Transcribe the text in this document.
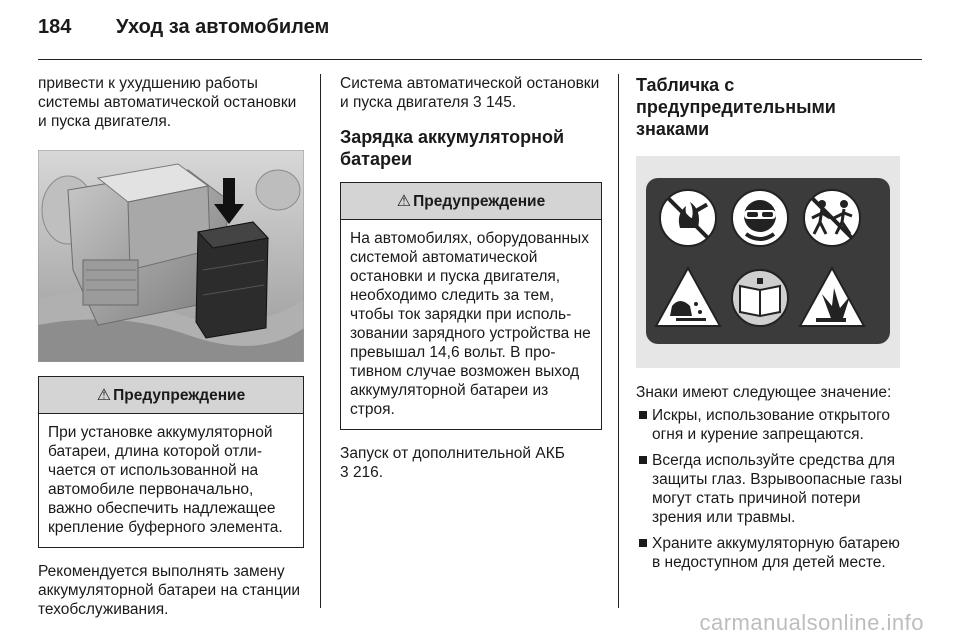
184 Уход за автомобилем

привести к ухудшению работы системы автоматической остановки и пуска двигателя.

⚠ Предупреждение

При установке аккумуляторной батареи, длина которой отличается от использованной на автомобиле первоначально, важно обеспечить надлежащее крепление буферного элемента.

Рекомендуется выполнять замену аккумуляторной батареи на станции техобслуживания.

Система автоматической остановки и пуска двигателя 3 145.

Зарядка аккумуляторной батареи
⚠ Предупреждение

На автомобилях, оборудованных системой автоматической остановки и пуска двигателя, необходимо следить за тем, чтобы ток зарядки при использовании зарядного устройства не превышал 14,6 вольт. В противном случае возможен выход аккумуляторной батареи из строя.

Запуск от дополнительной АКБ
3 216.

Табличка с предупредительными знаками

Знаки имеют следующее значение:

Искры, использование открытого огня и курение запрещаются.
Всегда используйте средства для защиты глаз. Взрывоопасные газы могут стать причиной потери зрения или травмы.
Храните аккумуляторную батарею в недоступном для детей месте.
carmanualsonline.info
